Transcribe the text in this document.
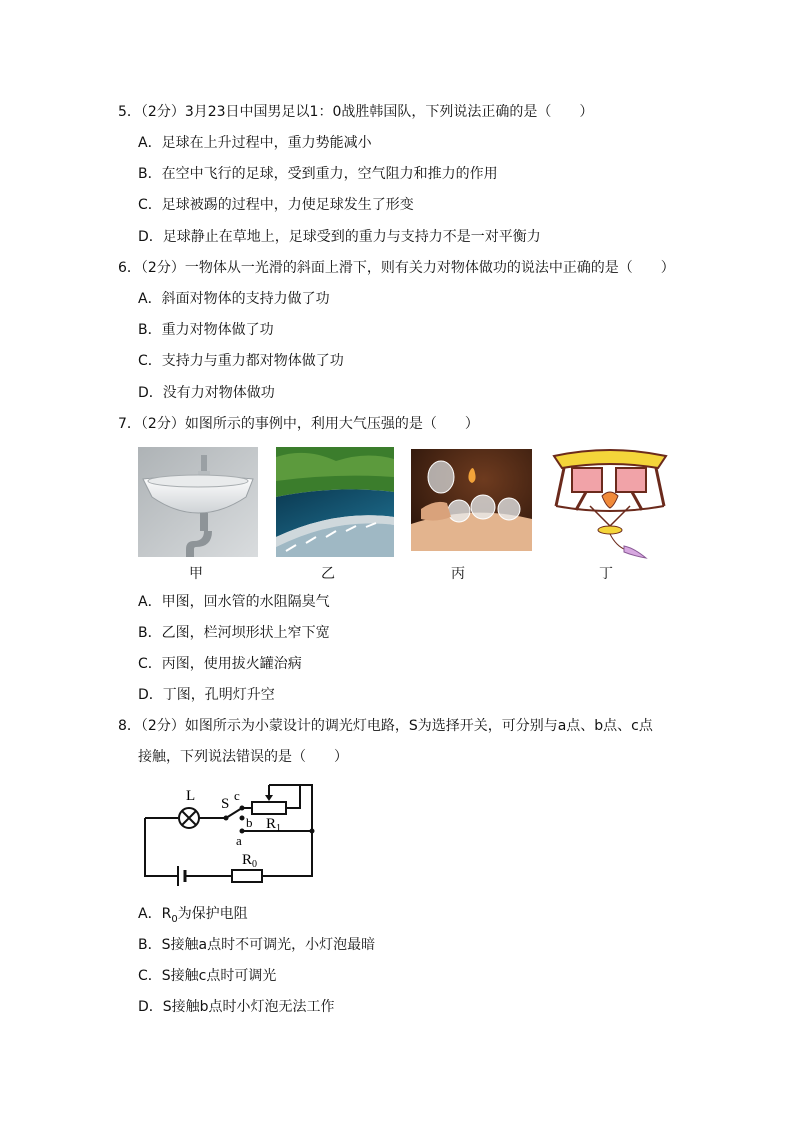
5．（2分）3月23日中国男足以1：0战胜韩国队，下列说法正确的是（　　）
A．足球在上升过程中，重力势能减小
B．在空中飞行的足球，受到重力，空气阻力和推力的作用
C．足球被踢的过程中，力使足球发生了形变
D．足球静止在草地上，足球受到的重力与支持力不是一对平衡力
6．（2分）一物体从一光滑的斜面上滑下，则有关力对物体做功的说法中正确的是（　　）
A．斜面对物体的支持力做了功
B．重力对物体做了功
C．支持力与重力都对物体做了功
D．没有力对物体做功
7．（2分）如图所示的事例中，利用大气压强的是（　　）
甲	乙	丙	丁
A．甲图，回水管的水阻隔臭气
B．乙图，栏河坝形状上窄下宽
C．丙图，使用拔火罐治病
D．丁图，孔明灯升空
8．（2分）如图所示为小蒙设计的调光灯电路，S为选择开关，可分别与a点、b点、c点
接触，下列说法错误的是（　　）
L S
c
b
a
$R_1$
$R_0$
A．$R_0$为保护电阻
B．S接触a点时不可调光，小灯泡最暗
C．S接触c点时可调光
D．S接触b点时小灯泡无法工作
